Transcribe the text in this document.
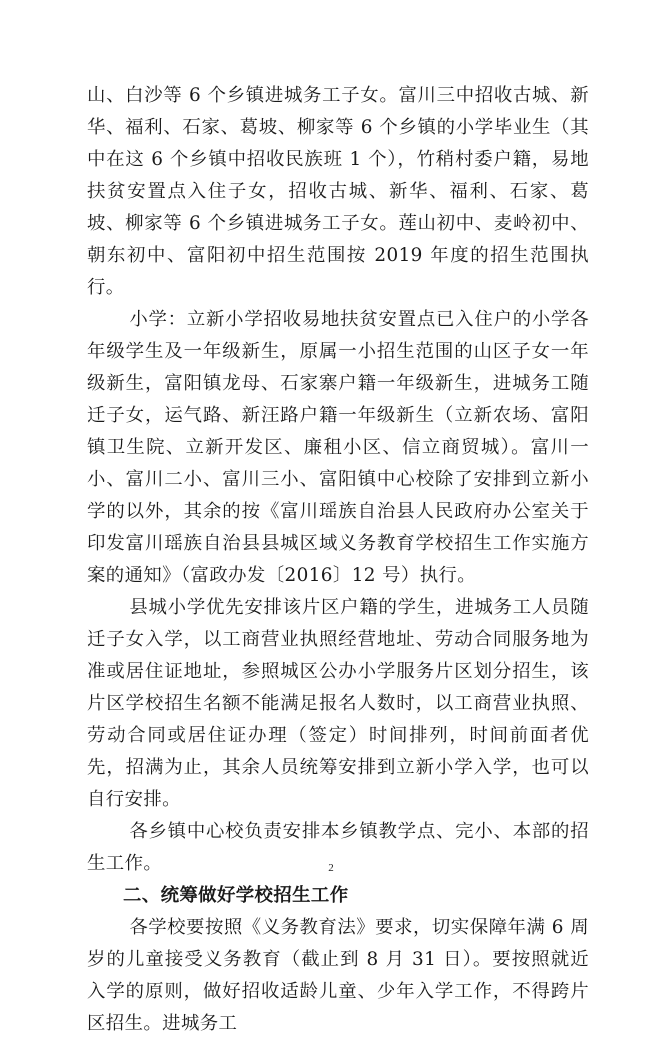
山、白沙等 6 个乡镇进城务工子女。富川三中招收古城、新华、福利、石家、葛坡、柳家等 6 个乡镇的小学毕业生（其中在这 6 个乡镇中招收民族班 1 个），竹稍村委户籍，易地扶贫安置点入住子女，招收古城、新华、福利、石家、葛坡、柳家等 6 个乡镇进城务工子女。莲山初中、麦岭初中、朝东初中、富阳初中招生范围按 2019 年度的招生范围执行。

小学：立新小学招收易地扶贫安置点已入住户的小学各年级学生及一年级新生，原属一小招生范围的山区子女一年级新生，富阳镇龙母、石家寨户籍一年级新生，进城务工随迁子女，运气路、新汪路户籍一年级新生（立新农场、富阳镇卫生院、立新开发区、廉租小区、信立商贸城）。富川一小、富川二小、富川三小、富阳镇中心校除了安排到立新小学的以外，其余的按《富川瑶族自治县人民政府办公室关于印发富川瑶族自治县县城区域义务教育学校招生工作实施方案的通知》（富政办发〔2016〕12 号）执行。

县城小学优先安排该片区户籍的学生，进城务工人员随迁子女入学，以工商营业执照经营地址、劳动合同服务地为准或居住证地址，参照城区公办小学服务片区划分招生，该片区学校招生名额不能满足报名人数时，以工商营业执照、劳动合同或居住证办理（签定）时间排列，时间前面者优先，招满为止，其余人员统筹安排到立新小学入学，也可以自行安排。

各乡镇中心校负责安排本乡镇教学点、完小、本部的招生工作。

二、统筹做好学校招生工作

各学校要按照《义务教育法》要求，切实保障年满 6 周岁的儿童接受义务教育（截止到 8 月 31 日）。要按照就近入学的原则，做好招收适龄儿童、少年入学工作，不得跨片区招生。进城务工

2
